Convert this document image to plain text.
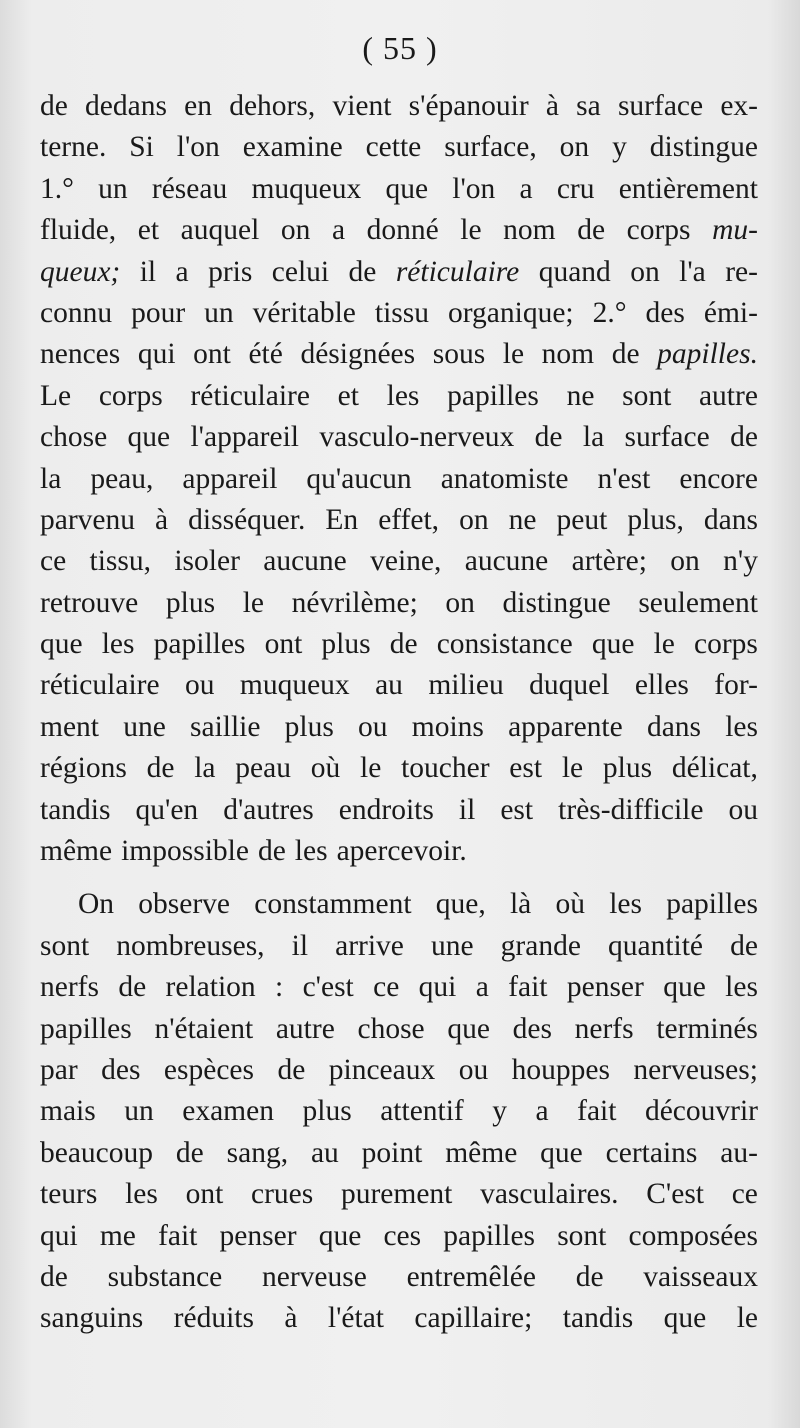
( 55 )
de dedans en dehors, vient s'épanouir à sa surface ex-
terne. Si l'on examine cette surface, on y distingue
1.° un réseau muqueux que l'on a cru entièrement
fluide, et auquel on a donné le nom de corps mu-
queux; il a pris celui de réticulaire quand on l'a re-
connu pour un véritable tissu organique; 2.° des émi-
nences qui ont été désignées sous le nom de papilles.
Le corps réticulaire et les papilles ne sont autre
chose que l'appareil vasculo-nerveux de la surface de
la peau, appareil qu'aucun anatomiste n'est encore
parvenu à disséquer. En effet, on ne peut plus, dans
ce tissu, isoler aucune veine, aucune artère; on n'y
retrouve plus le névrilème; on distingue seulement
que les papilles ont plus de consistance que le corps
réticulaire ou muqueux au milieu duquel elles for-
ment une saillie plus ou moins apparente dans les
régions de la peau où le toucher est le plus délicat,
tandis qu'en d'autres endroits il est très-difficile ou
même impossible de les apercevoir.
On observe constamment que, là où les papilles
sont nombreuses, il arrive une grande quantité de
nerfs de relation : c'est ce qui a fait penser que les
papilles n'étaient autre chose que des nerfs terminés
par des espèces de pinceaux ou houppes nerveuses;
mais un examen plus attentif y a fait découvrir
beaucoup de sang, au point même que certains au-
teurs les ont crues purement vasculaires. C'est ce
qui me fait penser que ces papilles sont composées
de substance nerveuse entremêlée de vaisseaux
sanguins réduits à l'état capillaire; tandis que le
